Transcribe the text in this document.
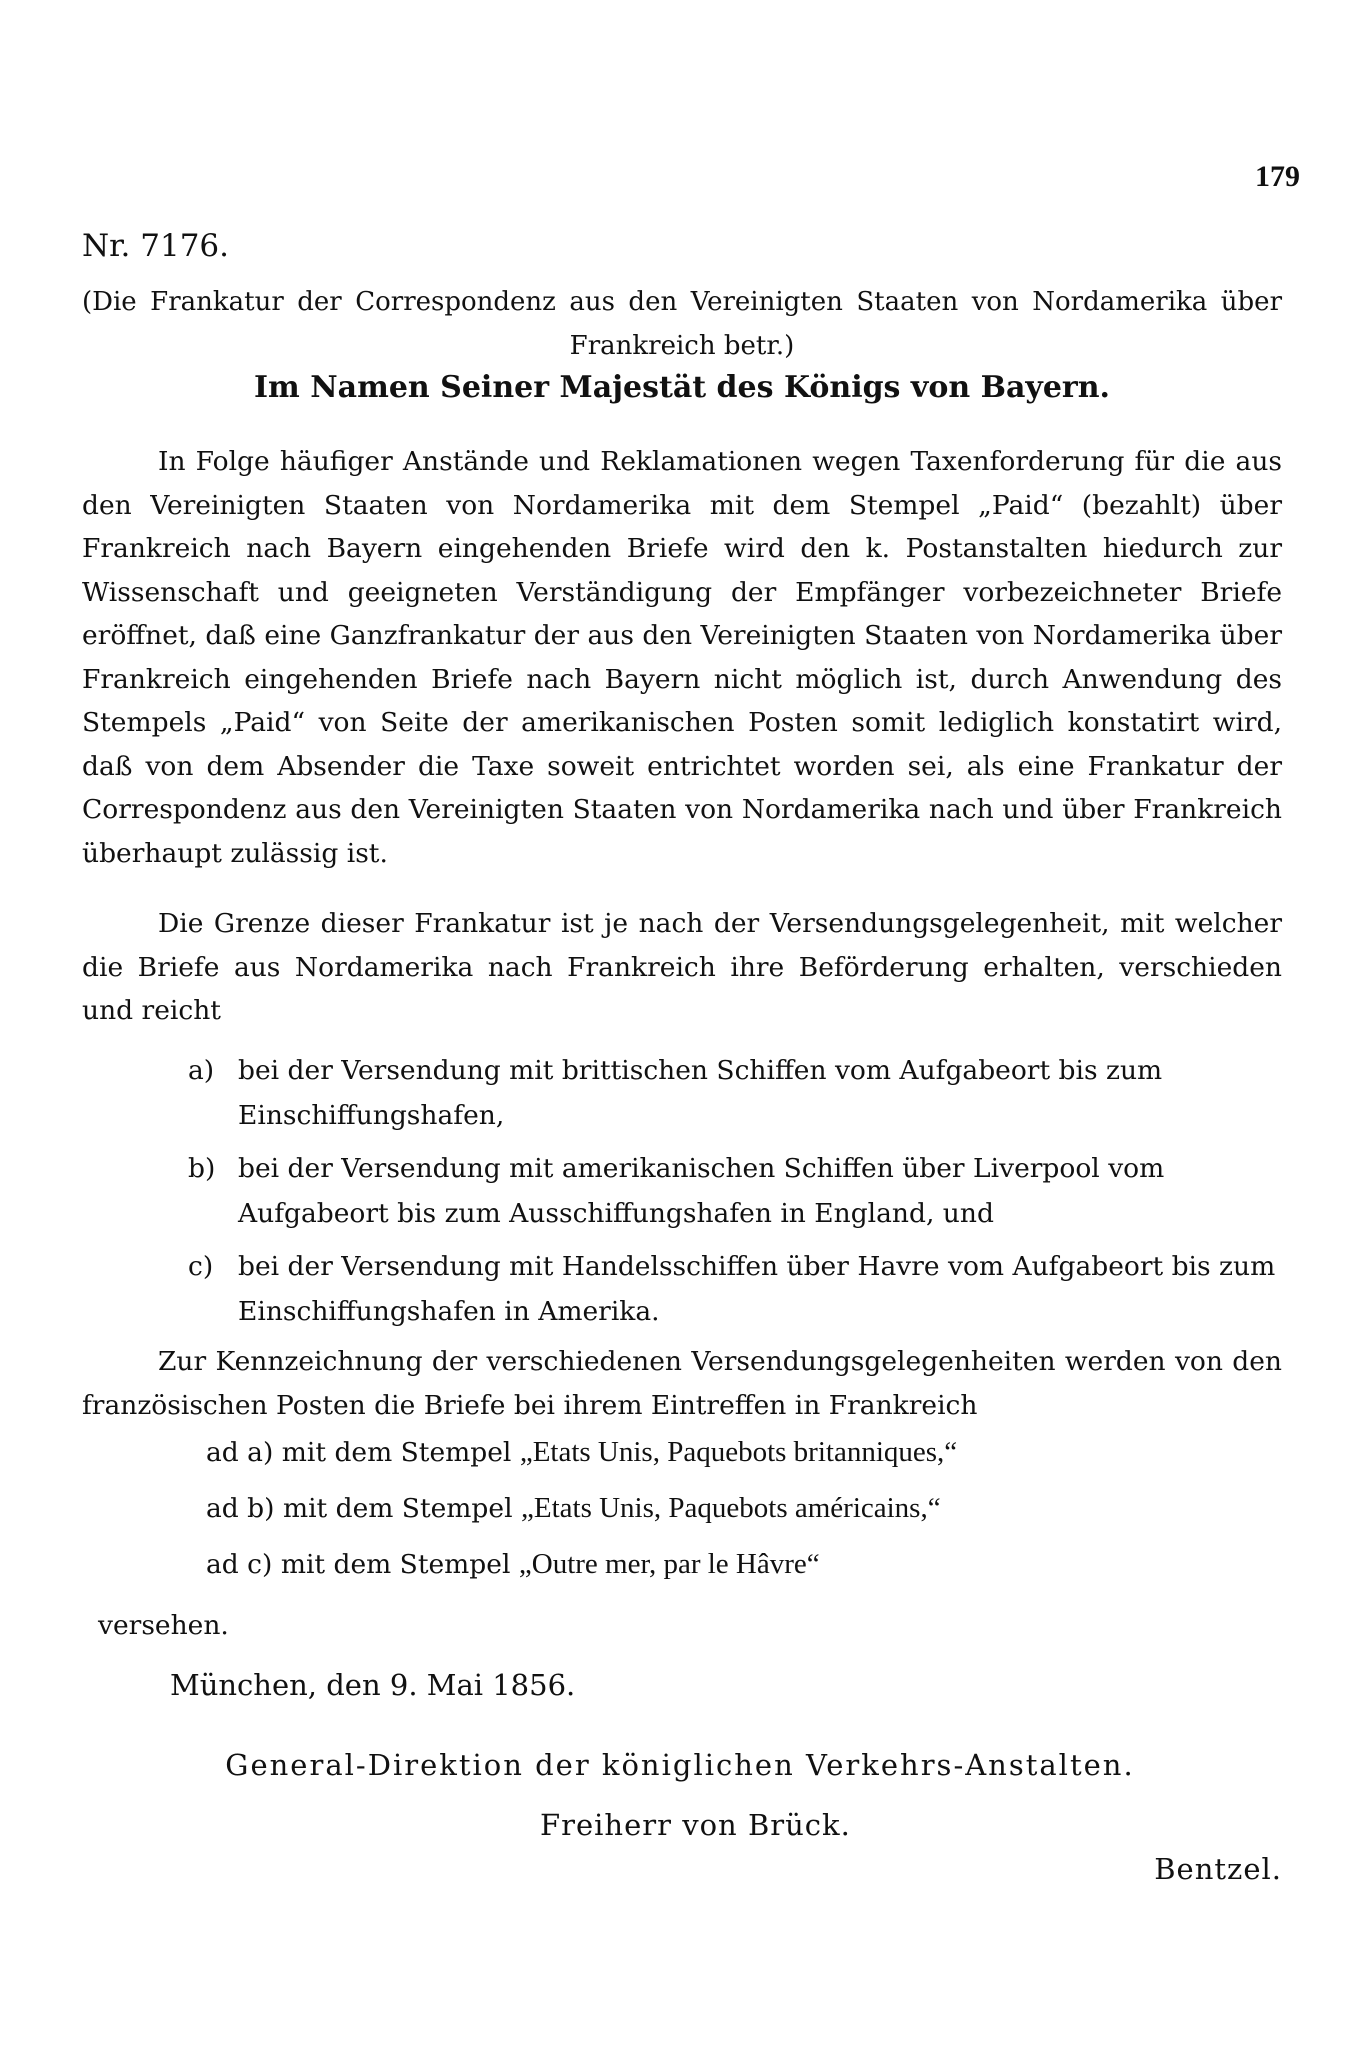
179
Nr. 7176.
(Die Frankatur der Correspondenz aus den Vereinigten Staaten von Nordamerika über Frankreich betr.)
Im Namen Seiner Majestät des Königs von Bayern.

In Folge häufiger Anstände und Reklamationen wegen Taxenforderung für die aus den Vereinigten Staaten von Nordamerika mit dem Stempel „Paid“ (bezahlt) über Frankreich nach Bayern eingehenden Briefe wird den k. Postanstalten hiedurch zur Wissenschaft und geeigneten Verständigung der Empfänger vorbezeichneter Briefe eröffnet, daß eine Ganzfrankatur der aus den Vereinigten Staaten von Nordamerika über Frankreich eingehenden Briefe nach Bayern nicht möglich ist, durch Anwendung des Stempels „Paid“ von Seite der amerikanischen Posten somit lediglich konstatirt wird, daß von dem Absender die Taxe soweit entrichtet worden sei, als eine Frankatur der Correspondenz aus den Vereinigten Staaten von Nordamerika nach und über Frankreich überhaupt zulässig ist.

Die Grenze dieser Frankatur ist je nach der Versendungsgelegenheit, mit welcher die Briefe aus Nordamerika nach Frankreich ihre Beförderung erhalten, verschieden und reicht

a) bei der Versendung mit brittischen Schiffen vom Aufgabeort bis zum Einschiffungshafen,

b) bei der Versendung mit amerikanischen Schiffen über Liverpool vom Aufgabeort bis zum Ausschiffungshafen in England, und

c) bei der Versendung mit Handelsschiffen über Havre vom Aufgabeort bis zum Einschiffungshafen in Amerika.

Zur Kennzeichnung der verschiedenen Versendungsgelegenheiten werden von den französischen Posten die Briefe bei ihrem Eintreffen in Frankreich

ad a) mit dem Stempel „Etats Unis, Paquebots britanniques,“
ad b) mit dem Stempel „Etats Unis, Paquebots américains,“
ad c) mit dem Stempel „Outre mer, par le Hâvre“
versehen.
München, den 9. Mai 1856.
General-Direktion der königlichen Verkehrs-Anstalten.
Freiherr von Brück.
Bentzel.
